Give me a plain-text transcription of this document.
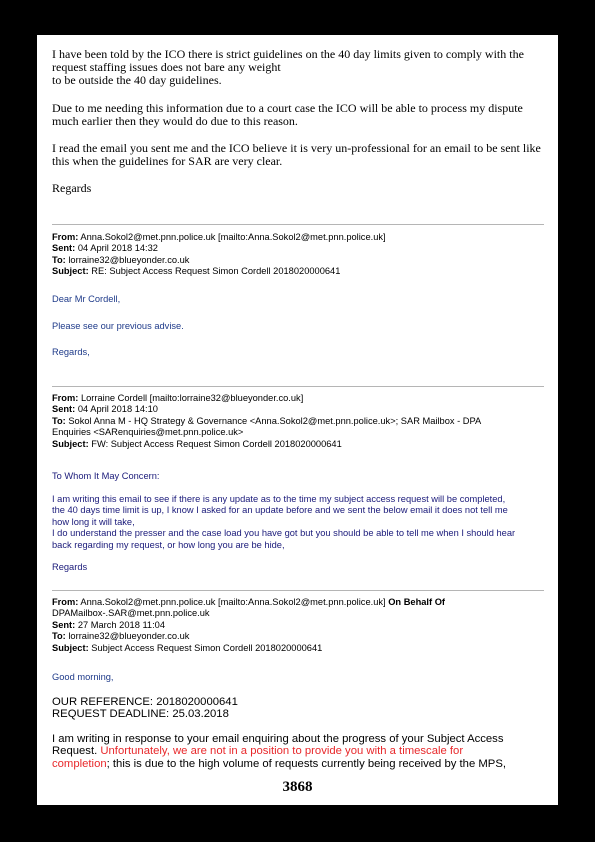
I have been told by the ICO there is strict guidelines on the 40 day limits given to comply with the
request staffing issues does not bare any weight
to be outside the 40 day guidelines.
Due to me needing this information due to a court case the ICO will be able to process my dispute
much earlier then they would do due to this reason.
I read the email you sent me and the ICO believe it is very un-professional for an email to be sent like
this when the guidelines for SAR are very clear.
Regards
From: Anna.Sokol2@met.pnn.police.uk [mailto:Anna.Sokol2@met.pnn.police.uk]
Sent: 04 April 2018 14:32
To: lorraine32@blueyonder.co.uk
Subject: RE: Subject Access Request Simon Cordell 2018020000641
Dear Mr Cordell,
Please see our previous advise.
Regards,
From: Lorraine Cordell [mailto:lorraine32@blueyonder.co.uk]
Sent: 04 April 2018 14:10
To: Sokol Anna M - HQ Strategy & Governance <Anna.Sokol2@met.pnn.police.uk>; SAR Mailbox - DPA
Enquiries <SARenquiries@met.pnn.police.uk>
Subject: FW: Subject Access Request Simon Cordell 2018020000641
To Whom It May Concern:
I am writing this email to see if there is any update as to the time my subject access request will be completed,
the 40 days time limit is up, I know I asked for an update before and we sent the below email it does not tell me
how long it will take,
I do understand the presser and the case load you have got but you should be able to tell me when I should hear
back regarding my request, or how long you are be hide,
Regards
From: Anna.Sokol2@met.pnn.police.uk [mailto:Anna.Sokol2@met.pnn.police.uk] On Behalf Of
DPAMailbox-.SAR@met.pnn.police.uk
Sent: 27 March 2018 11:04
To: lorraine32@blueyonder.co.uk
Subject: Subject Access Request Simon Cordell 2018020000641
Good morning,
OUR REFERENCE: 2018020000641
REQUEST DEADLINE: 25.03.2018
I am writing in response to your email enquiring about the progress of your Subject Access
Request. Unfortunately, we are not in a position to provide you with a timescale for
completion; this is due to the high volume of requests currently being received by the MPS,
3868
